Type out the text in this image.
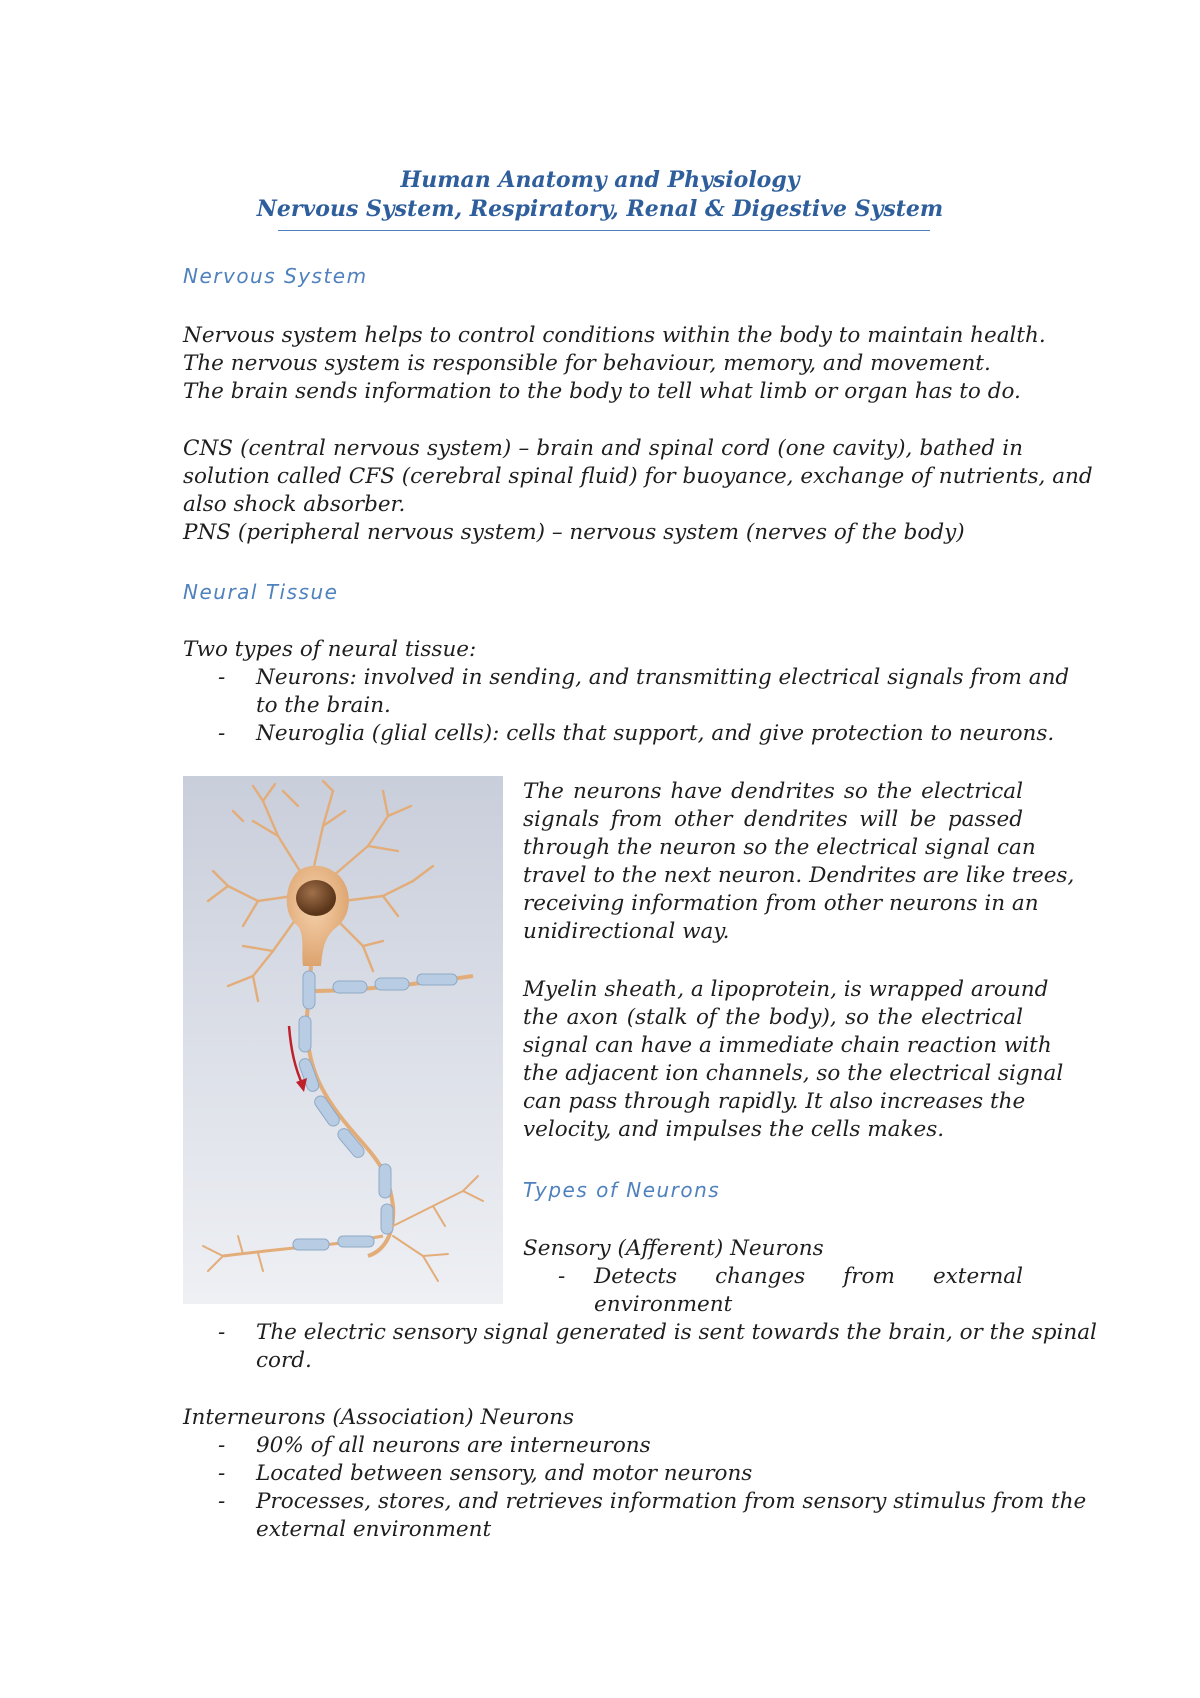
Human Anatomy and Physiology
Nervous System, Respiratory, Renal & Digestive System
Nervous System
Nervous system helps to control conditions within the body to maintain health.
The nervous system is responsible for behaviour, memory, and movement.
The brain sends information to the body to tell what limb or organ has to do.
CNS (central nervous system) – brain and spinal cord (one cavity), bathed in
solution called CFS (cerebral spinal fluid) for buoyance, exchange of nutrients, and
also shock absorber.
PNS (peripheral nervous system) – nervous system (nerves of the body)
Neural Tissue
Two types of neural tissue:
- Neurons: involved in sending, and transmitting electrical signals from and
to the brain.
- Neuroglia (glial cells): cells that support, and give protection to neurons.
The neurons have dendrites so the electrical
signals from other dendrites will be passed
through the neuron so the electrical signal can
travel to the next neuron. Dendrites are like trees,
receiving information from other neurons in an
unidirectional way.
Myelin sheath, a lipoprotein, is wrapped around
the axon (stalk of the body), so the electrical
signal can have a immediate chain reaction with
the adjacent ion channels, so the electrical signal
can pass through rapidly. It also increases the
velocity, and impulses the cells makes.
Types of Neurons
Sensory (Afferent) Neurons
- Detects changes from external
environment
- The electric sensory signal generated is sent towards the brain, or the spinal
cord.
Interneurons (Association) Neurons
- 90% of all neurons are interneurons
- Located between sensory, and motor neurons
- Processes, stores, and retrieves information from sensory stimulus from the
external environment
